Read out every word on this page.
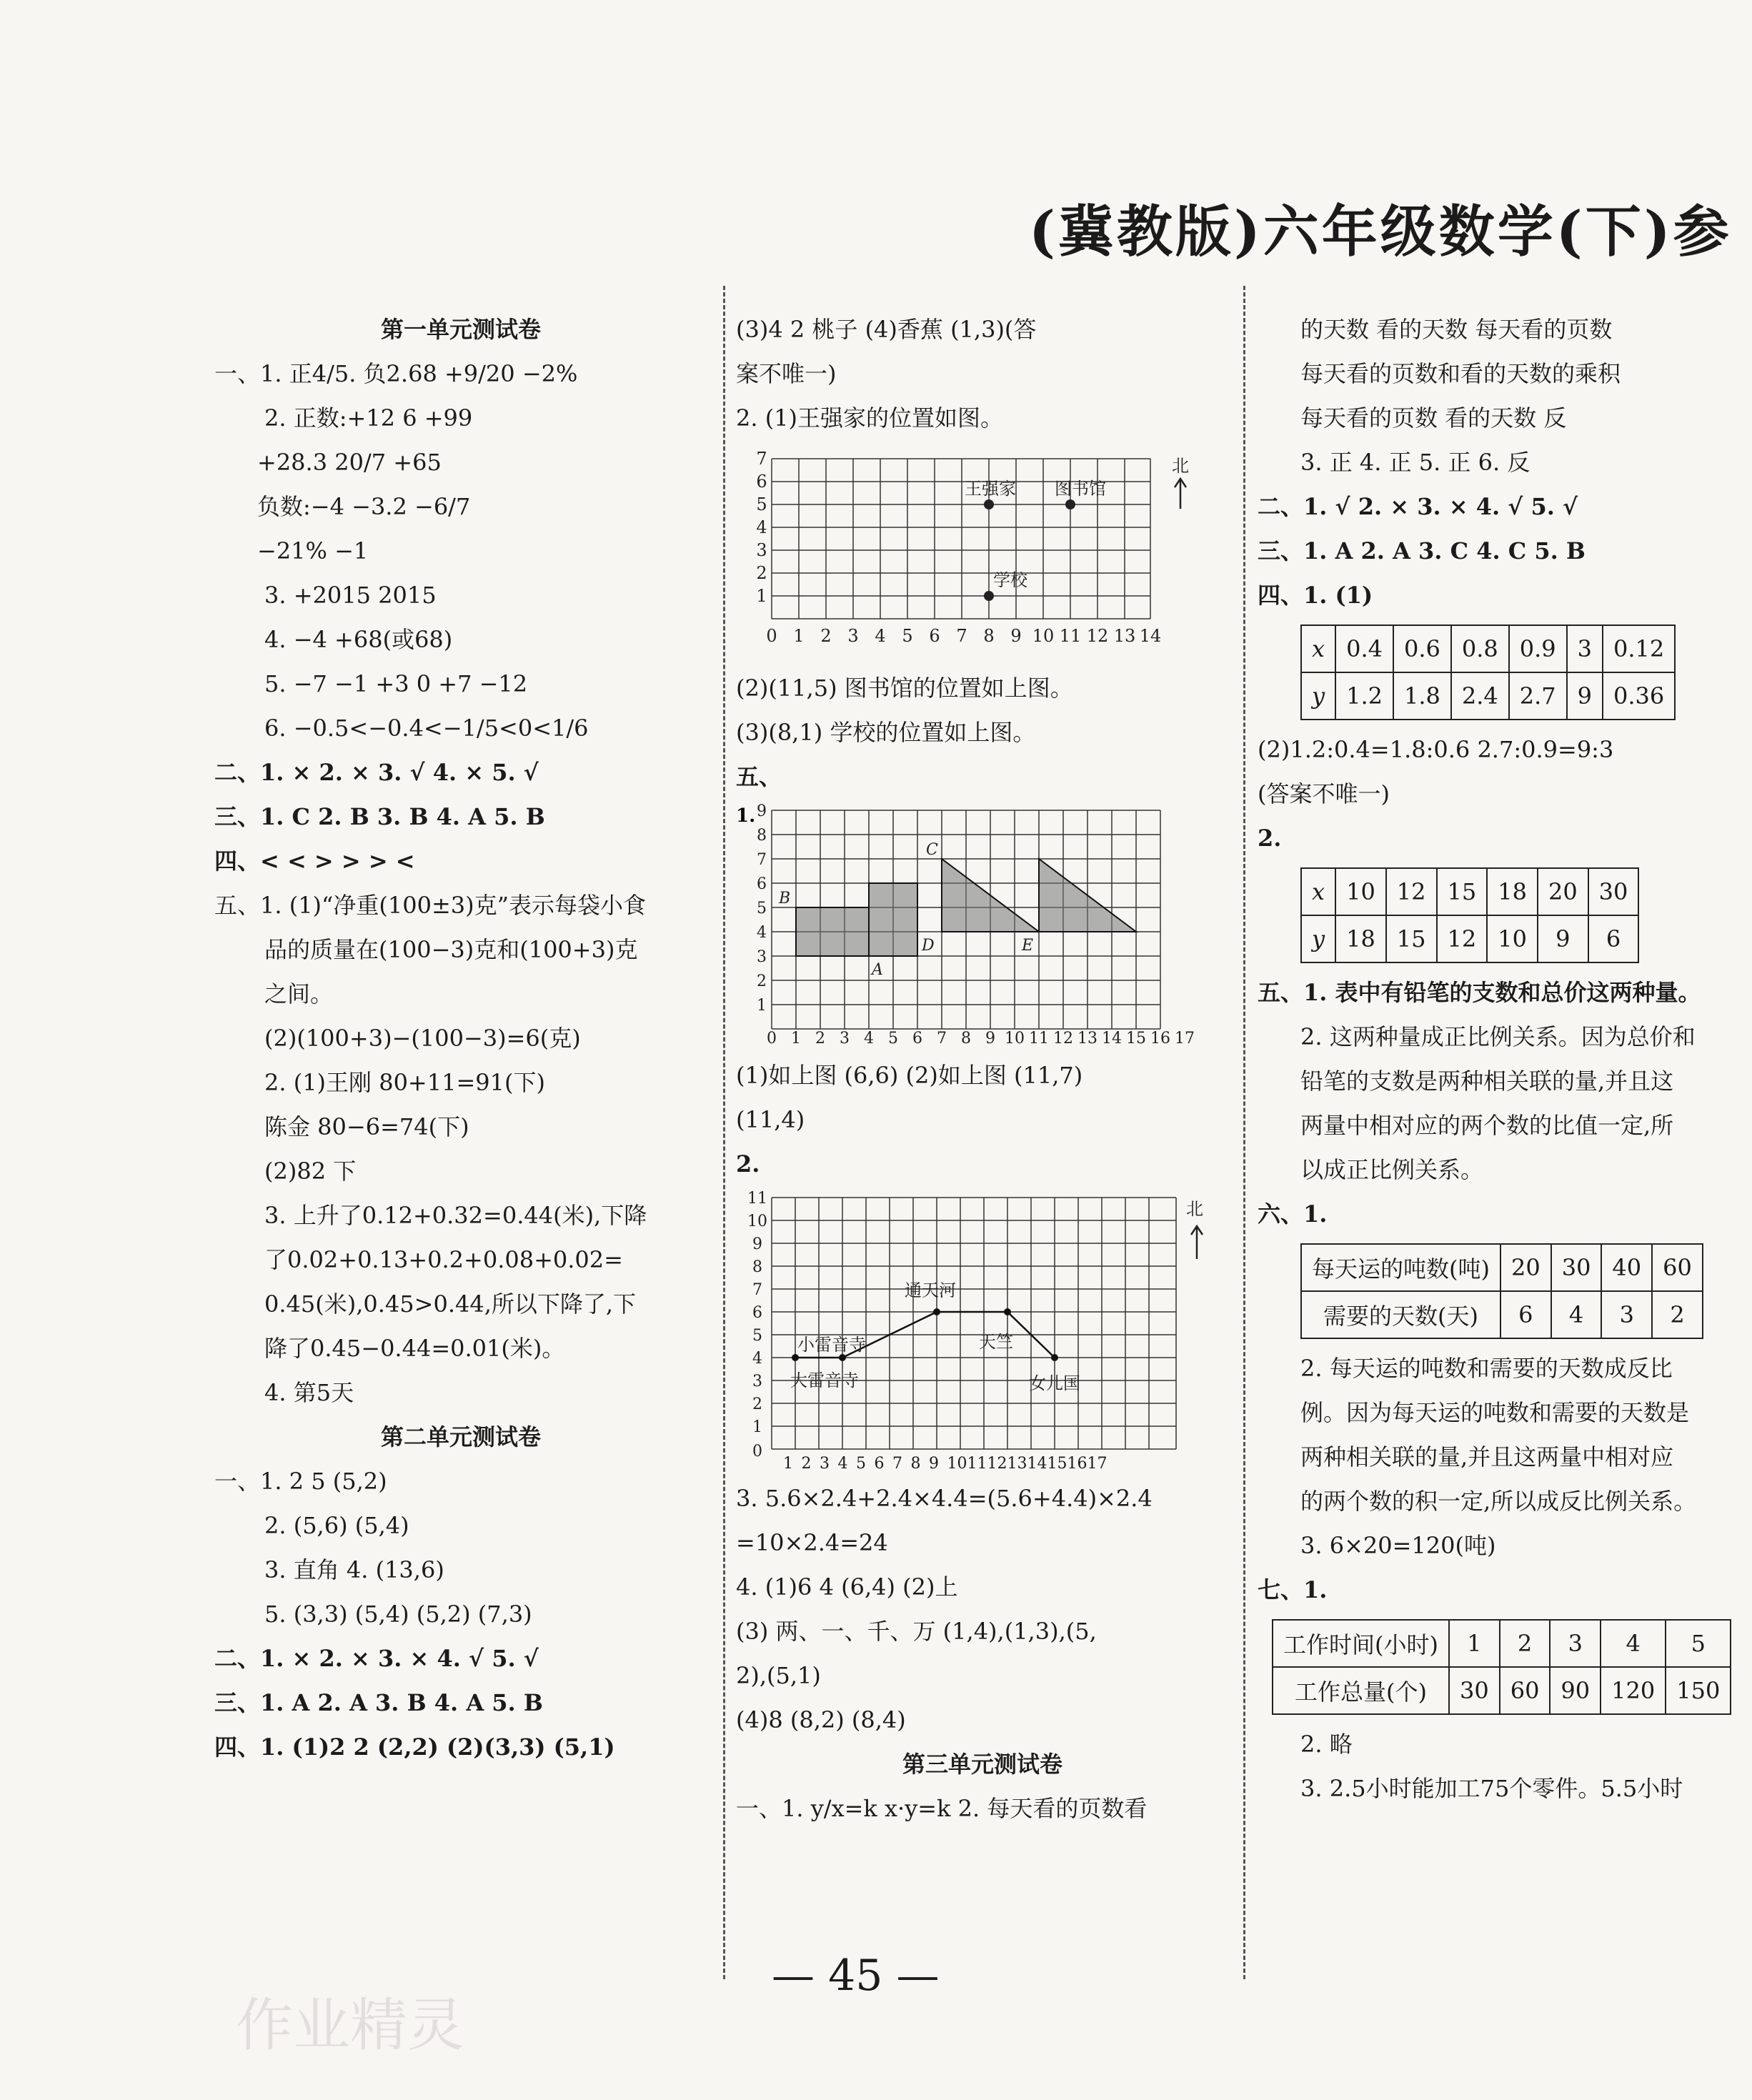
(冀教版)六年级数学(下)参
第一单元测试卷
一、1. 正4/5. 负2.68 +9/20 −2%
2. 正数:+12 6 +99
+28.3 20/7 +65
负数:−4 −3.2 −6/7
−21% −1
3. +2015 2015
4. −4 +68(或68)
5. −7 −1 +3 0 +7 −12
6. −0.5<−0.4<−1/5<0<1/6
二、1. × 2. × 3. √ 4. × 5. √
三、1. C 2. B 3. B 4. A 5. B
四、< < > > > <
五、1. (1)“净重(100±3)克”表示每袋小食
品的质量在(100−3)克和(100+3)克
之间。
(2)(100+3)−(100−3)=6(克)
2. (1)王刚 80+11=91(下)
陈金 80−6=74(下)
(2)82 下
3. 上升了0.12+0.32=0.44(米),下降
了0.02+0.13+0.2+0.08+0.02=
0.45(米),0.45>0.44,所以下降了,下
降了0.45−0.44=0.01(米)。
4. 第5天
第二单元测试卷
一、1. 2 5 (5,2)
2. (5,6) (5,4)
3. 直角 4. (13,6)
5. (3,3) (5,4) (5,2) (7,3)
二、1. × 2. × 3. × 4. √ 5. √
三、1. A 2. A 3. B 4. A 5. B
四、1. (1)2 2 (2,2) (2)(3,3) (5,1)
(3)4 2 桃子 (4)香蕉 (1,3)(答
案不唯一)
2. (1)王强家的位置如图。
0 1 2 3 4 5 6 7 8 9 10 11 12 13 14
1
2
3
4
5
6
7
王强家 图书馆
学校
北
(2)(11,5) 图书馆的位置如上图。
(3)(8,1) 学校的位置如上图。
五、
1.
B
A
C
D	E
0 1 2 3 4 5 6 7 8 9 10 11 12 13 14 15 16 17
1
2
3
4
5
6
7
8
9
(1)如上图 (6,6) (2)如上图 (11,7)
(11,4)
2.
小雷音寺
大雷音寺
通天河
天竺
女儿国
北
0
1
2
3
4
5
6
7
8
9
10
11
1234567891011121314151617
3. 5.6×2.4+2.4×4.4=(5.6+4.4)×2.4
=10×2.4=24
4. (1)6 4 (6,4) (2)上
(3) 两、一、千、万 (1,4),(1,3),(5,
2),(5,1)
(4)8 (8,2) (8,4)
第三单元测试卷
一、1. y/x=k x·y=k 2. 每天看的页数看
的天数 看的天数 每天看的页数
每天看的页数和看的天数的乘积
每天看的页数 看的天数 反
3. 正 4. 正 5. 正 6. 反
二、1. √ 2. × 3. × 4. √ 5. √
三、1. A 2. A 3. C 4. C 5. B
四、1. (1)
x	0.4	0.6	0.8	0.9	3	0.12
y	1.2	1.8	2.4	2.7	9	0.36
(2)1.2:0.4=1.8:0.6 2.7:0.9=9:3
(答案不唯一)
2.
x	10	12	15	18	20	30
y	18	15	12	10	9	6
五、1. 表中有铅笔的支数和总价这两种量。
2. 这两种量成正比例关系。因为总价和
铅笔的支数是两种相关联的量,并且这
两量中相对应的两个数的比值一定,所
以成正比例关系。
六、1.
每天运的吨数(吨)	20	30	40	60
需要的天数(天)	6	4	3	2
2. 每天运的吨数和需要的天数成反比
例。因为每天运的吨数和需要的天数是
两种相关联的量,并且这两量中相对应
的两个数的积一定,所以成反比例关系。
3. 6×20=120(吨)
七、1.
工作时间(小时)	1	2	3	4	5
工作总量(个)	30	60	90	120	150
2. 略
3. 2.5小时能加工75个零件。5.5小时
— 45 —
作业精灵
